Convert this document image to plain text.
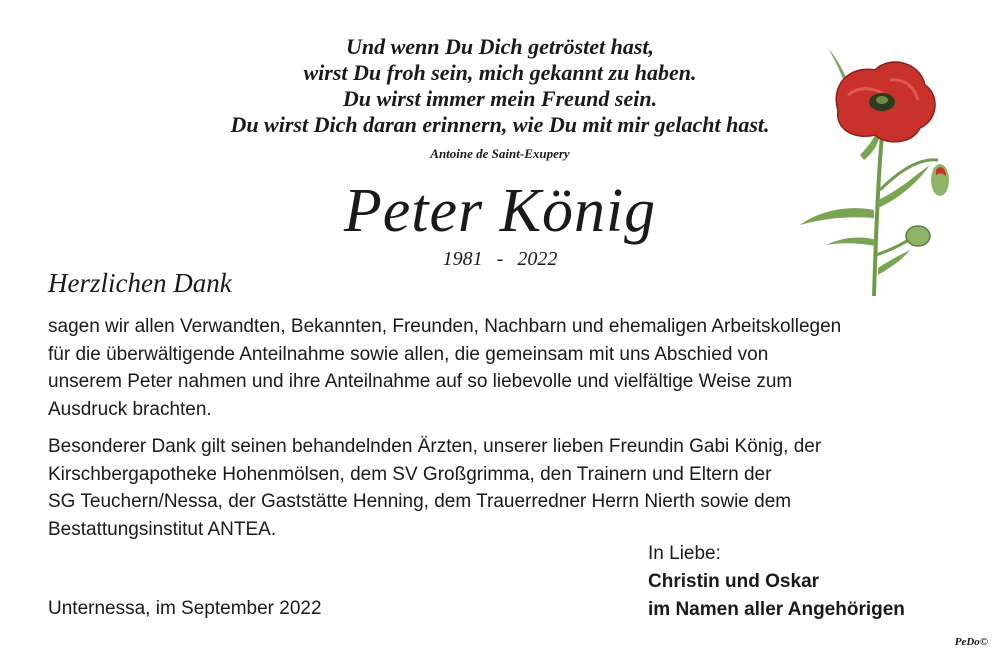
Und wenn Du Dich getröstet hast,
wirst Du froh sein, mich gekannt zu haben.
Du wirst immer mein Freund sein.
Du wirst Dich daran erinnern, wie Du mit mir gelacht hast.
Antoine de Saint-Exupery
Peter König
1981 - 2022
Herzlichen Dank
sagen wir allen Verwandten, Bekannten, Freunden, Nachbarn und ehemaligen Arbeitskollegen
für die überwältigende Anteilnahme sowie allen, die gemeinsam mit uns Abschied von
unserem Peter nahmen und ihre Anteilnahme auf so liebevolle und vielfältige Weise zum
Ausdruck brachten.
Besonderer Dank gilt seinen behandelnden Ärzten, unserer lieben Freundin Gabi König, der
Kirschbergapotheke Hohenmölsen, dem SV Großgrimma, den Trainern und Eltern der
SG Teuchern/Nessa, der Gaststätte Henning, dem Trauerredner Herrn Nierth sowie dem
Bestattungsinstitut ANTEA.
Unternessa, im September 2022
In Liebe:
Christin und Oskar
im Namen aller Angehörigen
PeDo©
